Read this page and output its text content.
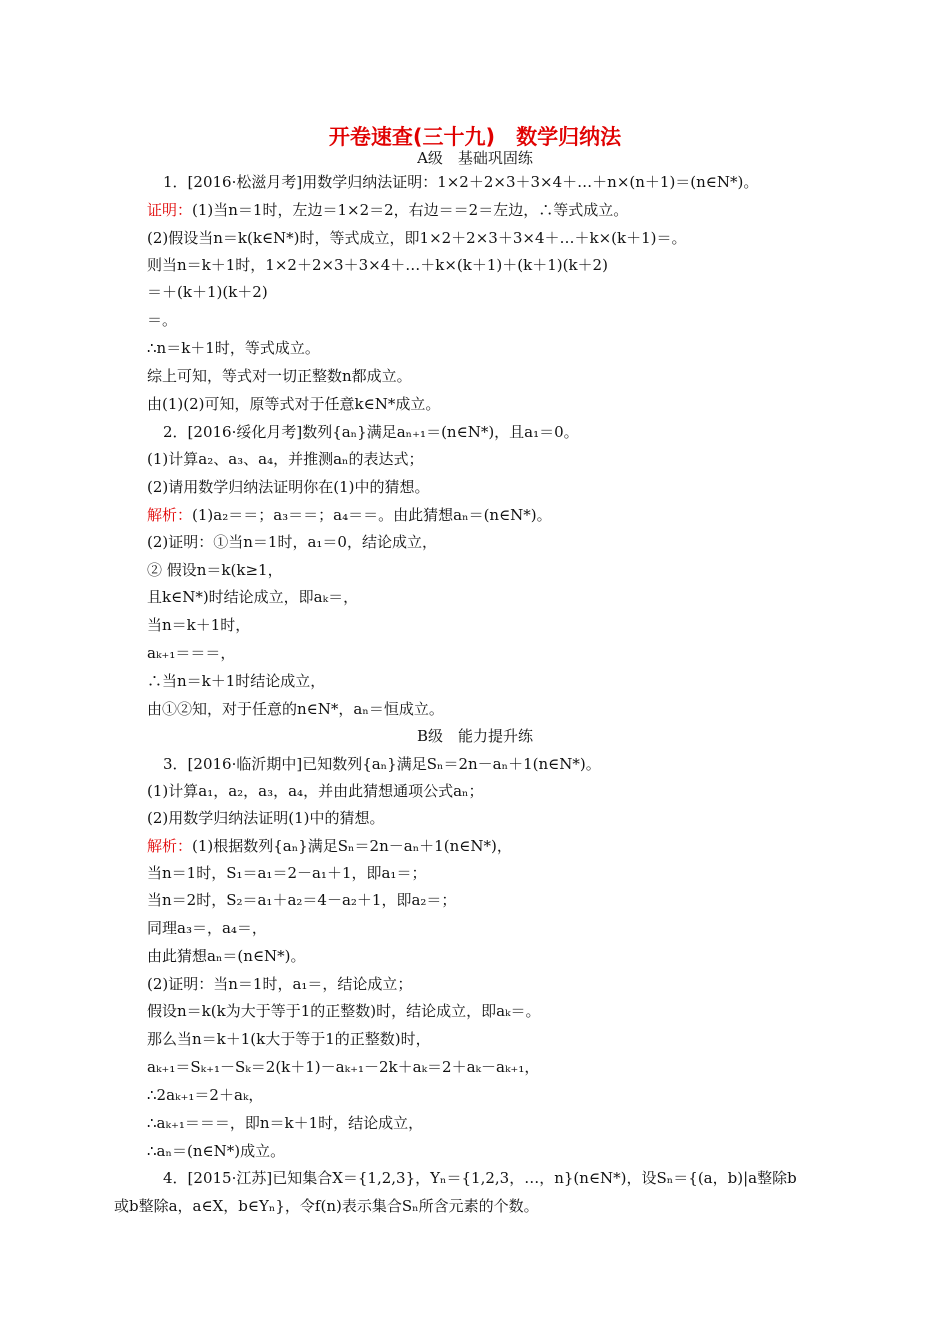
开卷速查(三十九)　数学归纳法
A级　基础巩固练
1．[2016·松滋月考]用数学归纳法证明：1×2＋2×3＋3×4＋…＋n×(n＋1)＝(n∈N*)。
证明：(1)当n＝1时，左边＝1×2＝2，右边＝＝2＝左边，∴等式成立。
(2)假设当n＝k(k∈N*)时，等式成立，即1×2＋2×3＋3×4＋…＋k×(k＋1)＝。
则当n＝k＋1时，1×2＋2×3＋3×4＋…＋k×(k＋1)＋(k＋1)(k＋2)
＝＋(k＋1)(k＋2)
＝。
∴n＝k＋1时，等式成立。
综上可知，等式对一切正整数n都成立。
由(1)(2)可知，原等式对于任意k∈N*成立。
2．[2016·绥化月考]数列{aₙ}满足aₙ₊₁＝(n∈N*)，且a₁＝0。
(1)计算a₂、a₃、a₄，并推测aₙ的表达式；
(2)请用数学归纳法证明你在(1)中的猜想。
解析：(1)a₂＝＝；a₃＝＝；a₄＝＝。由此猜想aₙ＝(n∈N*)。
(2)证明：①当n＝1时，a₁＝0，结论成立，
② 假设n＝k(k≥1，
且k∈N*)时结论成立，即aₖ＝，
当n＝k＋1时，
aₖ₊₁＝＝＝，
∴当n＝k＋1时结论成立，
由①②知，对于任意的n∈N*，aₙ＝恒成立。
B级　能力提升练
3．[2016·临沂期中]已知数列{aₙ}满足Sₙ＝2n－aₙ＋1(n∈N*)。
(1)计算a₁，a₂，a₃，a₄，并由此猜想通项公式aₙ；
(2)用数学归纳法证明(1)中的猜想。
解析：(1)根据数列{aₙ}满足Sₙ＝2n－aₙ＋1(n∈N*)，
当n＝1时，S₁＝a₁＝2－a₁＋1，即a₁＝；
当n＝2时，S₂＝a₁＋a₂＝4－a₂＋1，即a₂＝；
同理a₃＝，a₄＝，
由此猜想aₙ＝(n∈N*)。
(2)证明：当n＝1时，a₁＝，结论成立；
假设n＝k(k为大于等于1的正整数)时，结论成立，即aₖ＝。
那么当n＝k＋1(k大于等于1的正整数)时，
aₖ₊₁＝Sₖ₊₁－Sₖ＝2(k＋1)－aₖ₊₁－2k＋aₖ＝2＋aₖ－aₖ₊₁，
∴2aₖ₊₁＝2＋aₖ，
∴aₖ₊₁＝＝＝，即n＝k＋1时，结论成立，
∴aₙ＝(n∈N*)成立。
4．[2015·江苏]已知集合X＝{1,2,3}，Yₙ＝{1,2,3，…，n}(n∈N*)，设Sₙ＝{(a，b)|a整除b
或b整除a，a∈X，b∈Yₙ}，令f(n)表示集合Sₙ所含元素的个数。
